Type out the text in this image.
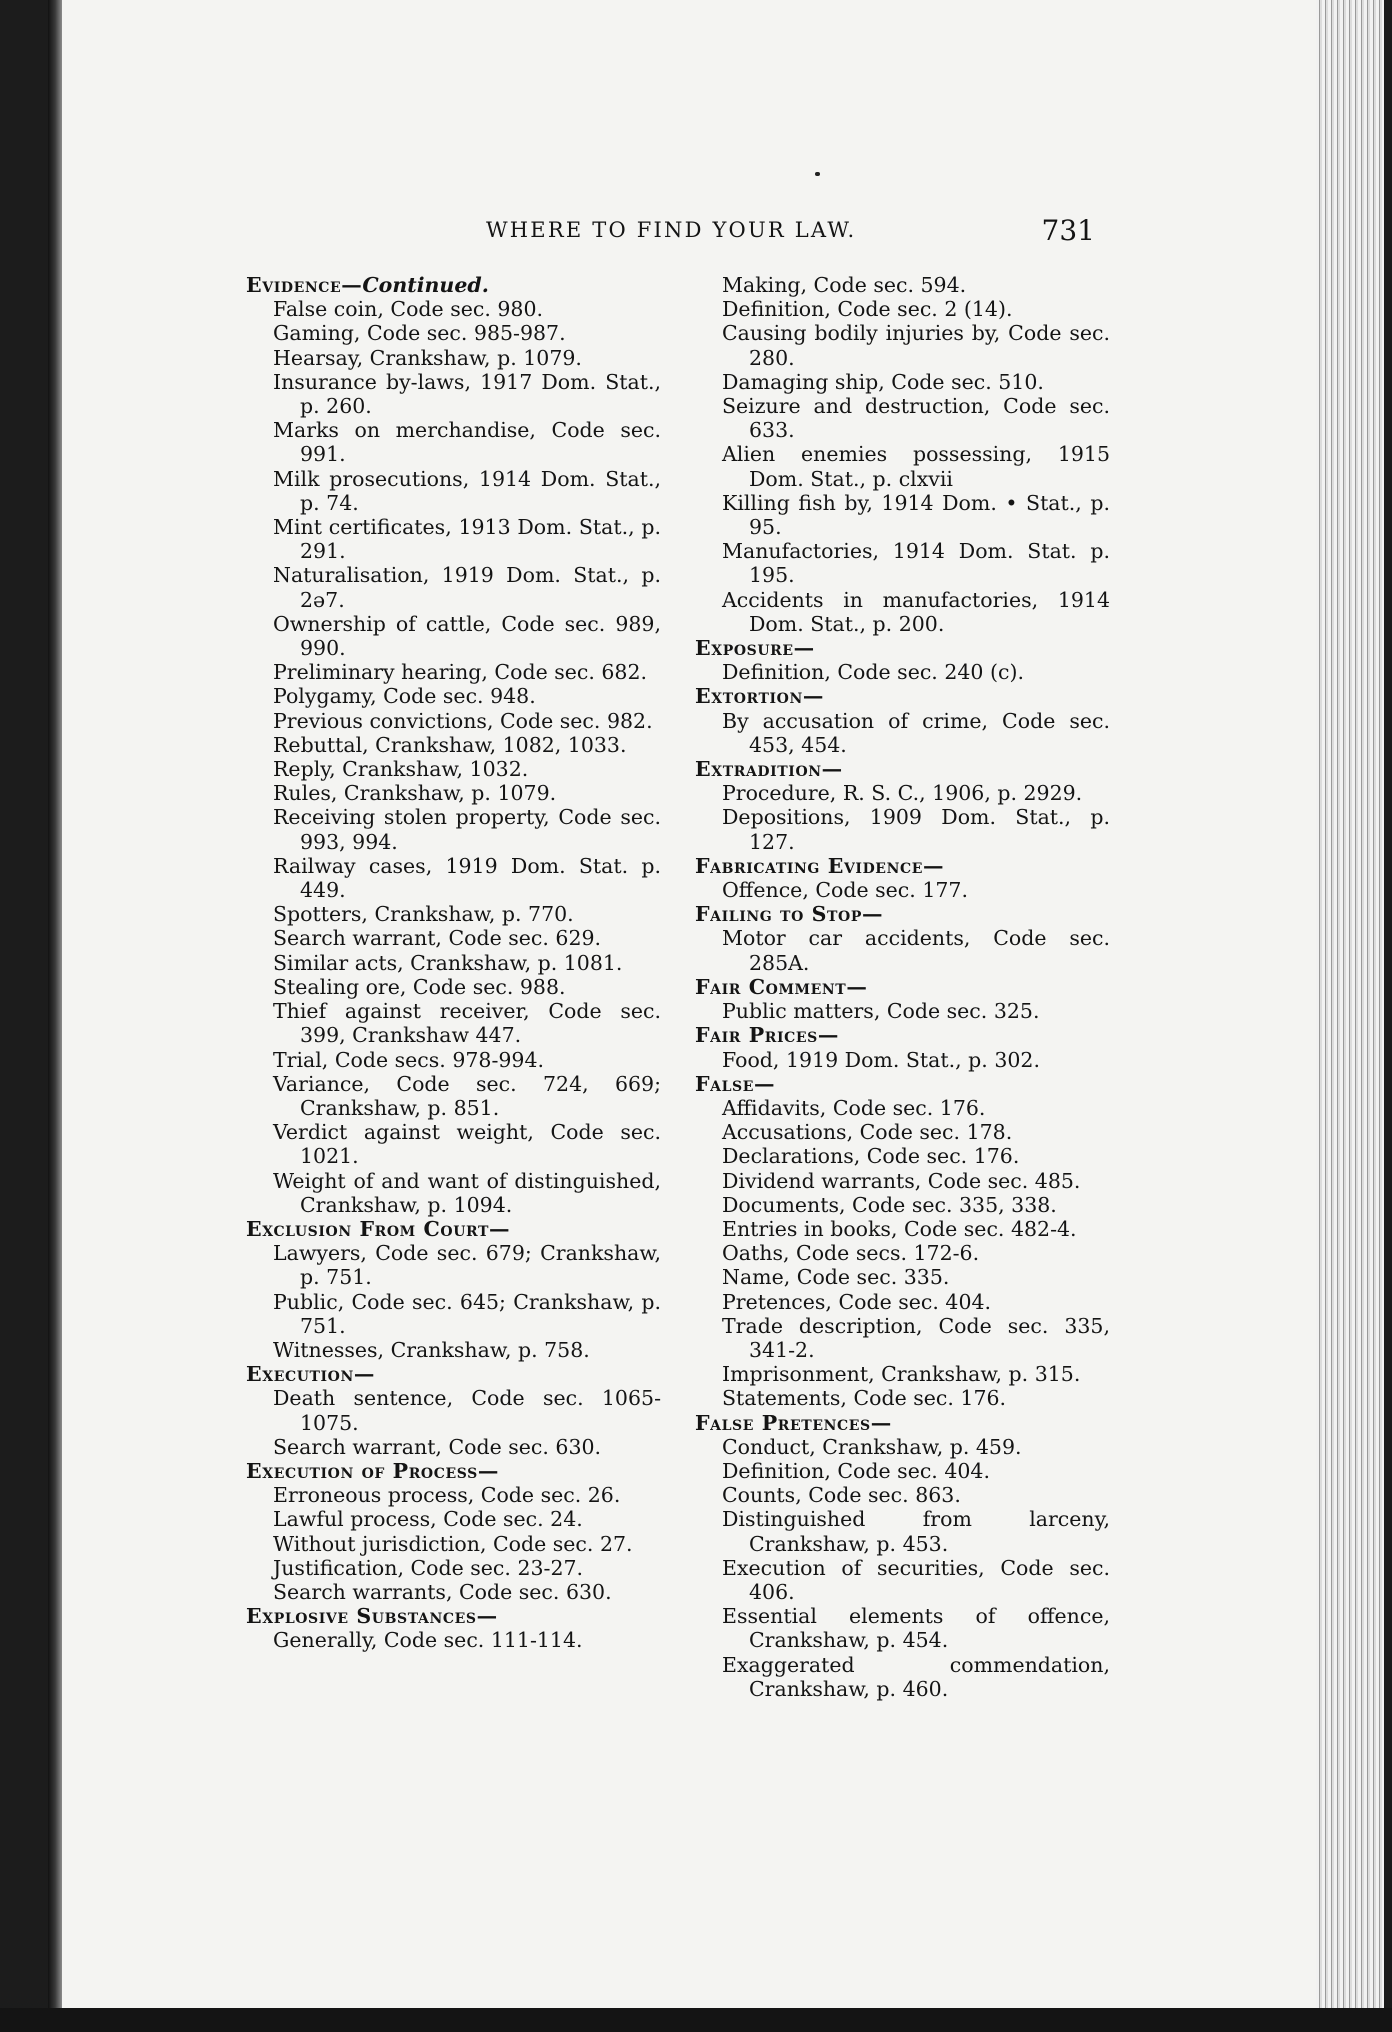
WHERE TO FIND YOUR LAW.	731
Evidence—Continued.
False coin, Code sec. 980.
Gaming, Code sec. 985-987.
Hearsay, Crankshaw, p. 1079.
Insurance by-laws, 1917 Dom. Stat., p. 260.
Marks on merchandise, Code sec. 991.
Milk prosecutions, 1914 Dom. Stat., p. 74.
Mint certificates, 1913 Dom. Stat., p. 291.
Naturalisation, 1919 Dom. Stat., p. 2ə7.
Ownership of cattle, Code sec. 989, 990.
Preliminary hearing, Code sec. 682.
Polygamy, Code sec. 948.
Previous convictions, Code sec. 982.
Rebuttal, Crankshaw, 1082, 1033.
Reply, Crankshaw, 1032.
Rules, Crankshaw, p. 1079.
Receiving stolen property, Code sec. 993, 994.
Railway cases, 1919 Dom. Stat. p. 449.
Spotters, Crankshaw, p. 770.
Search warrant, Code sec. 629.
Similar acts, Crankshaw, p. 1081.
Stealing ore, Code sec. 988.
Thief against receiver, Code sec. 399, Crankshaw 447.
Trial, Code secs. 978-994.
Variance, Code sec. 724, 669; Crankshaw, p. 851.
Verdict against weight, Code sec. 1021.
Weight of and want of distinguished, Crankshaw, p. 1094.
Exclusion From Court—
Lawyers, Code sec. 679; Crankshaw, p. 751.
Public, Code sec. 645; Crankshaw, p. 751.
Witnesses, Crankshaw, p. 758.
Execution—
Death sentence, Code sec. 1065-1075.
Search warrant, Code sec. 630.
Execution of Process—
Erroneous process, Code sec. 26.
Lawful process, Code sec. 24.
Without jurisdiction, Code sec. 27.
Justification, Code sec. 23-27.
Search warrants, Code sec. 630.
Explosive Substances—
Generally, Code sec. 111-114.
Making, Code sec. 594.
Definition, Code sec. 2 (14).
Causing bodily injuries by, Code sec. 280.
Damaging ship, Code sec. 510.
Seizure and destruction, Code sec. 633.
Alien enemies possessing, 1915 Dom. Stat., p. clxvii
Killing fish by, 1914 Dom. • Stat., p. 95.
Manufactories, 1914 Dom. Stat. p. 195.
Accidents in manufactories, 1914 Dom. Stat., p. 200.
Exposure—
Definition, Code sec. 240 (c).
Extortion—
By accusation of crime, Code sec. 453, 454.
Extradition—
Procedure, R. S. C., 1906, p. 2929.
Depositions, 1909 Dom. Stat., p. 127.
Fabricating Evidence—
Offence, Code sec. 177.
Failing to Stop—
Motor car accidents, Code sec. 285A.
Fair Comment—
Public matters, Code sec. 325.
Fair Prices—
Food, 1919 Dom. Stat., p. 302.
False—
Affidavits, Code sec. 176.
Accusations, Code sec. 178.
Declarations, Code sec. 176.
Dividend warrants, Code sec. 485.
Documents, Code sec. 335, 338.
Entries in books, Code sec. 482-4.
Oaths, Code secs. 172-6.
Name, Code sec. 335.
Pretences, Code sec. 404.
Trade description, Code sec. 335, 341-2.
Imprisonment, Crankshaw, p. 315.
Statements, Code sec. 176.
False Pretences—
Conduct, Crankshaw, p. 459.
Definition, Code sec. 404.
Counts, Code sec. 863.
Distinguished from larceny, Crankshaw, p. 453.
Execution of securities, Code sec. 406.
Essential elements of offence, Crankshaw, p. 454.
Exaggerated commendation, Crankshaw, p. 460.
